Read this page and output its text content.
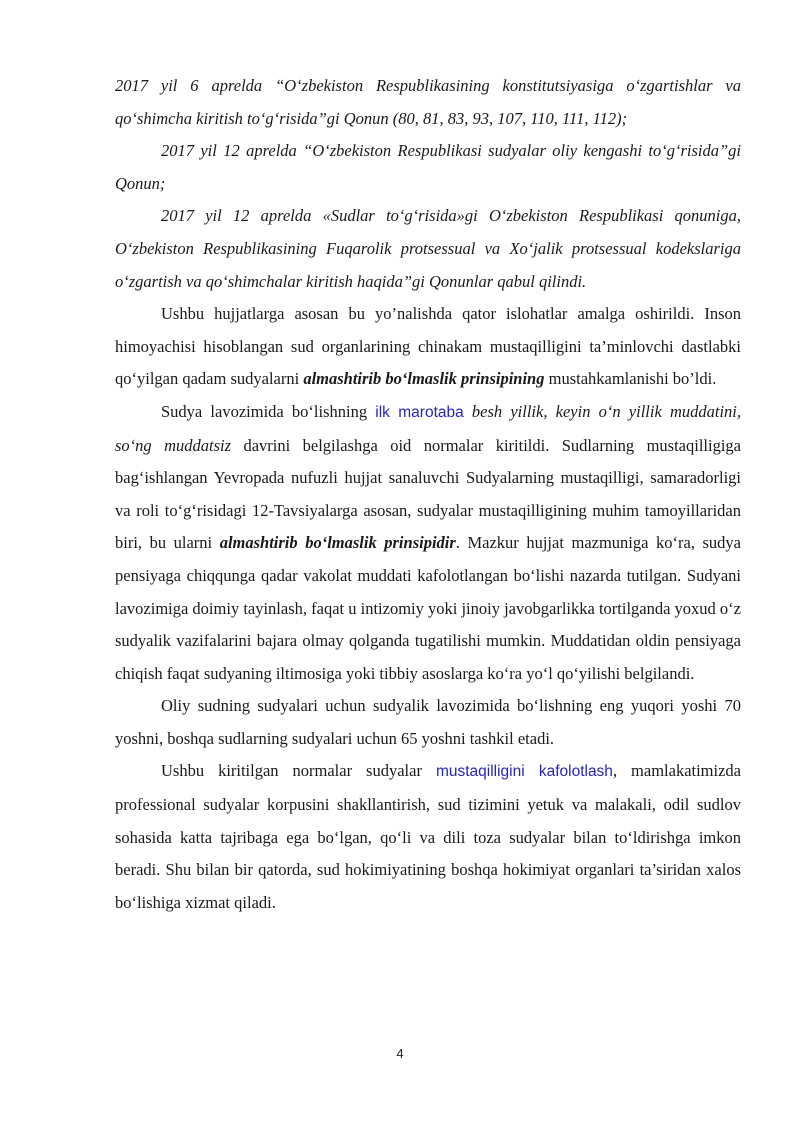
2017 yil 6 aprelda “O‘zbekiston Respublikasining konstitutsiyasiga o‘zgartishlar va qo‘shimcha kiritish to‘g‘risida”gi Qonun (80, 81, 83, 93, 107, 110, 111, 112);

2017 yil 12 aprelda “O‘zbekiston Respublikasi sudyalar oliy kengashi to‘g‘risida”gi Qonun;

2017 yil 12 aprelda «Sudlar to‘g‘risida»gi O‘zbekiston Respublikasi qonuniga, O‘zbekiston Respublikasining Fuqarolik protsessual va Xo‘jalik protsessual kodekslariga o‘zgartish va qo‘shimchalar kiritish haqida”gi Qonunlar qabul qilindi.

Ushbu hujjatlarga asosan bu yo’nalishda qator islohatlar amalga oshirildi. Inson himoyachisi hisoblangan sud organlarining chinakam mustaqilligini ta’minlovchi dastlabki qo‘yilgan qadam sudyalarni almashtirib bo‘lmaslik prinsipining mustahkamlanishi bo’ldi.

Sudya lavozimida bo‘lishning ilk marotaba besh yillik, keyin o‘n yillik muddatini, so‘ng muddatsiz davrini belgilashga oid normalar kiritildi. Sudlarning mustaqilligiga bag‘ishlangan Yevropada nufuzli hujjat sanaluvchi Sudyalarning mustaqilligi, samaradorligi va roli to‘g‘risidagi 12-Tavsiyalarga asosan, sudyalar mustaqilligining muhim tamoyillaridan biri, bu ularni almashtirib bo‘lmaslik prinsipidir. Mazkur hujjat mazmuniga ko‘ra, sudya pensiyaga chiqqunga qadar vakolat muddati kafolotlangan bo‘lishi nazarda tutilgan. Sudyani lavozimiga doimiy tayinlash, faqat u intizomiy yoki jinoiy javobgarlikka tortilganda yoxud o‘z sudyalik vazifalarini bajara olmay qolganda tugatilishi mumkin. Muddatidan oldin pensiyaga chiqish faqat sudyaning iltimosiga yoki tibbiy asoslarga ko‘ra yo‘l qo‘yilishi belgilandi.

Oliy sudning sudyalari uchun sudyalik lavozimida bo‘lishning eng yuqori yoshi 70 yoshni, boshqa sudlarning sudyalari uchun 65 yoshni tashkil etadi.

Ushbu kiritilgan normalar sudyalar mustaqilligini kafolotlash, mamlakatimizda professional sudyalar korpusini shakllantirish, sud tizimini yetuk va malakali, odil sudlov sohasida katta tajribaga ega bo‘lgan, qo‘li va dili toza sudyalar bilan to‘ldirishga imkon beradi. Shu bilan bir qatorda, sud hokimiyatining boshqa hokimiyat organlari ta’siridan xalos bo‘lishiga xizmat qiladi.

4
